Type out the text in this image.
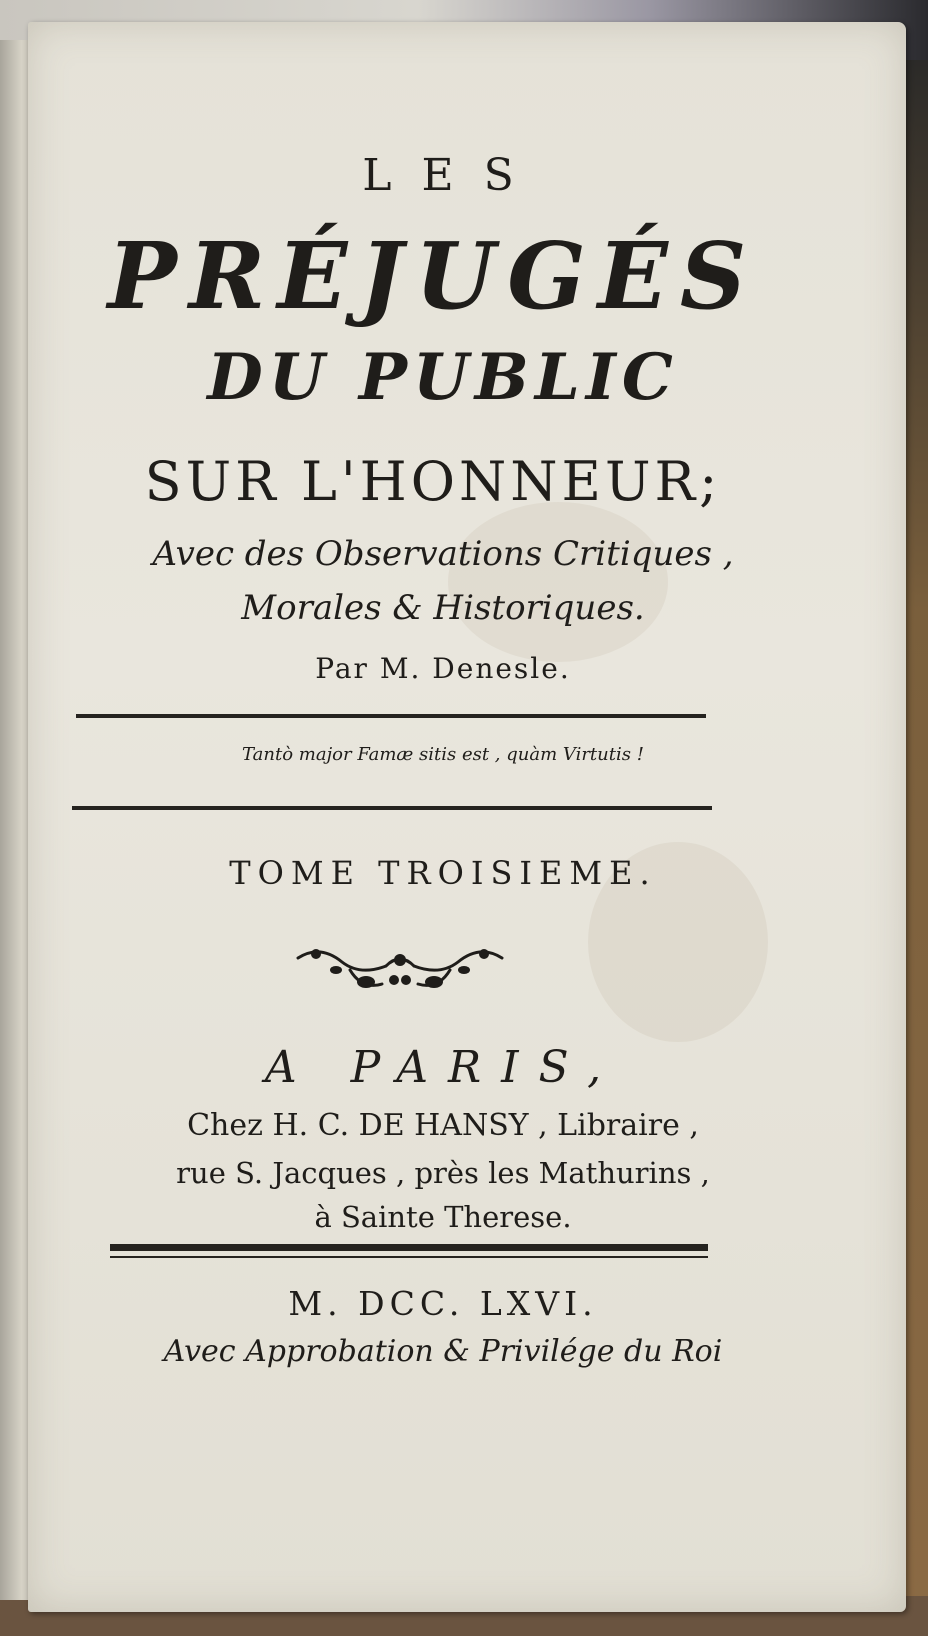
LES
PRÉJUGÉS
DU PUBLIC
SUR L'HONNEUR;
Avec des Observations Critiques ,
Morales & Historiques.
Par M. Denesle.
Tantò major Famæ sitis est , quàm Virtutis !
TOME TROISIEME.
A PARIS,
Chez H. C. DE HANSY , Libraire ,
rue S. Jacques , près les Mathurins ,
à Sainte Therese.
M. DCC. LXVI.
Avec Approbation & Privilége du Roi
